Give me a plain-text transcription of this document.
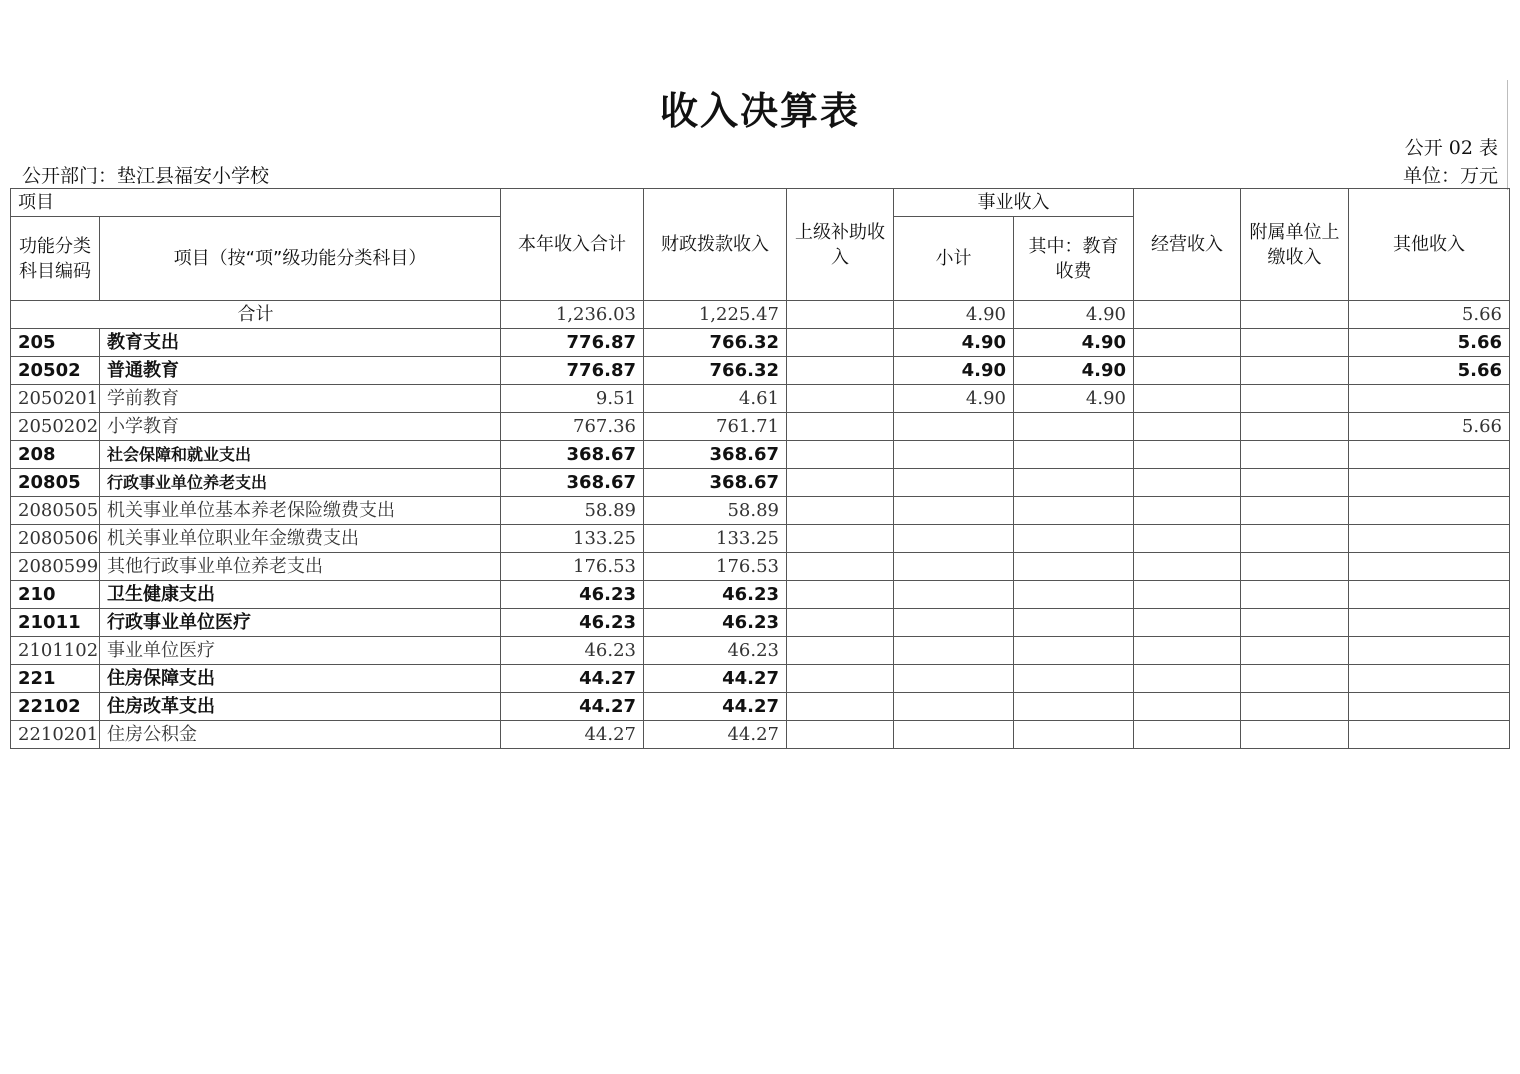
收入决算表
公开 02 表
公开部门：垫江县福安小学校	单位：万元
项目		本年收入合计	财政拨款收入	上级补助收入	事业收入		经营收入	附属单位上缴收入	其他收入
功能分类科目编码	项目（按“项”级功能分类科目）				小计	其中：教育收费			
合计		1,236.03	1,225.47		4.90	4.90			5.66
205	教育支出	776.87	766.32		4.90	4.90			5.66
20502	普通教育	776.87	766.32		4.90	4.90			5.66
2050201	学前教育	9.51	4.61		4.90	4.90			
2050202	小学教育	767.36	761.71						5.66
208	社会保障和就业支出	368.67	368.67						
20805	行政事业单位养老支出	368.67	368.67						
2080505	机关事业单位基本养老保险缴费支出	58.89	58.89						
2080506	机关事业单位职业年金缴费支出	133.25	133.25						
2080599	其他行政事业单位养老支出	176.53	176.53						
210	卫生健康支出	46.23	46.23						
21011	行政事业单位医疗	46.23	46.23						
2101102	事业单位医疗	46.23	46.23						
221	住房保障支出	44.27	44.27						
22102	住房改革支出	44.27	44.27						
2210201	住房公积金	44.27	44.27						
